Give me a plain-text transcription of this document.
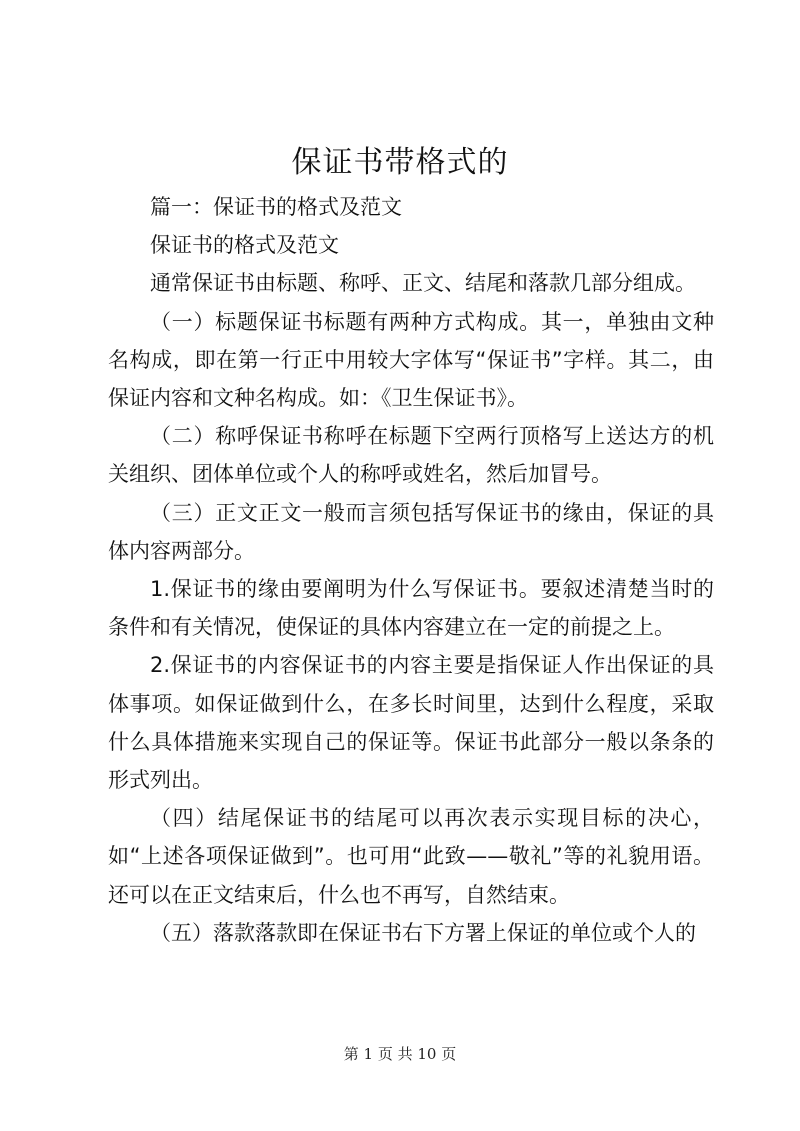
保证书带格式的

篇一：保证书的格式及范文

保证书的格式及范文

通常保证书由标题、称呼、正文、结尾和落款几部分组成。

（一）标题保证书标题有两种方式构成。其一，单独由文种名构成，即在第一行正中用较大字体写“保证书”字样。其二，由保证内容和文种名构成。如：《卫生保证书》。

（二）称呼保证书称呼在标题下空两行顶格写上送达方的机关组织、团体单位或个人的称呼或姓名，然后加冒号。

（三）正文正文一般而言须包括写保证书的缘由，保证的具体内容两部分。

1.保证书的缘由要阐明为什么写保证书。要叙述清楚当时的条件和有关情况，使保证的具体内容建立在一定的前提之上。

2.保证书的内容保证书的内容主要是指保证人作出保证的具体事项。如保证做到什么，在多长时间里，达到什么程度，采取什么具体措施来实现自己的保证等。保证书此部分一般以条条的形式列出。

（四）结尾保证书的结尾可以再次表示实现目标的决心，如“上述各项保证做到”。也可用“此致——敬礼”等的礼貌用语。还可以在正文结束后，什么也不再写，自然结束。

（五）落款落款即在保证书右下方署上保证的单位或个人的

第 1 页 共 10 页
